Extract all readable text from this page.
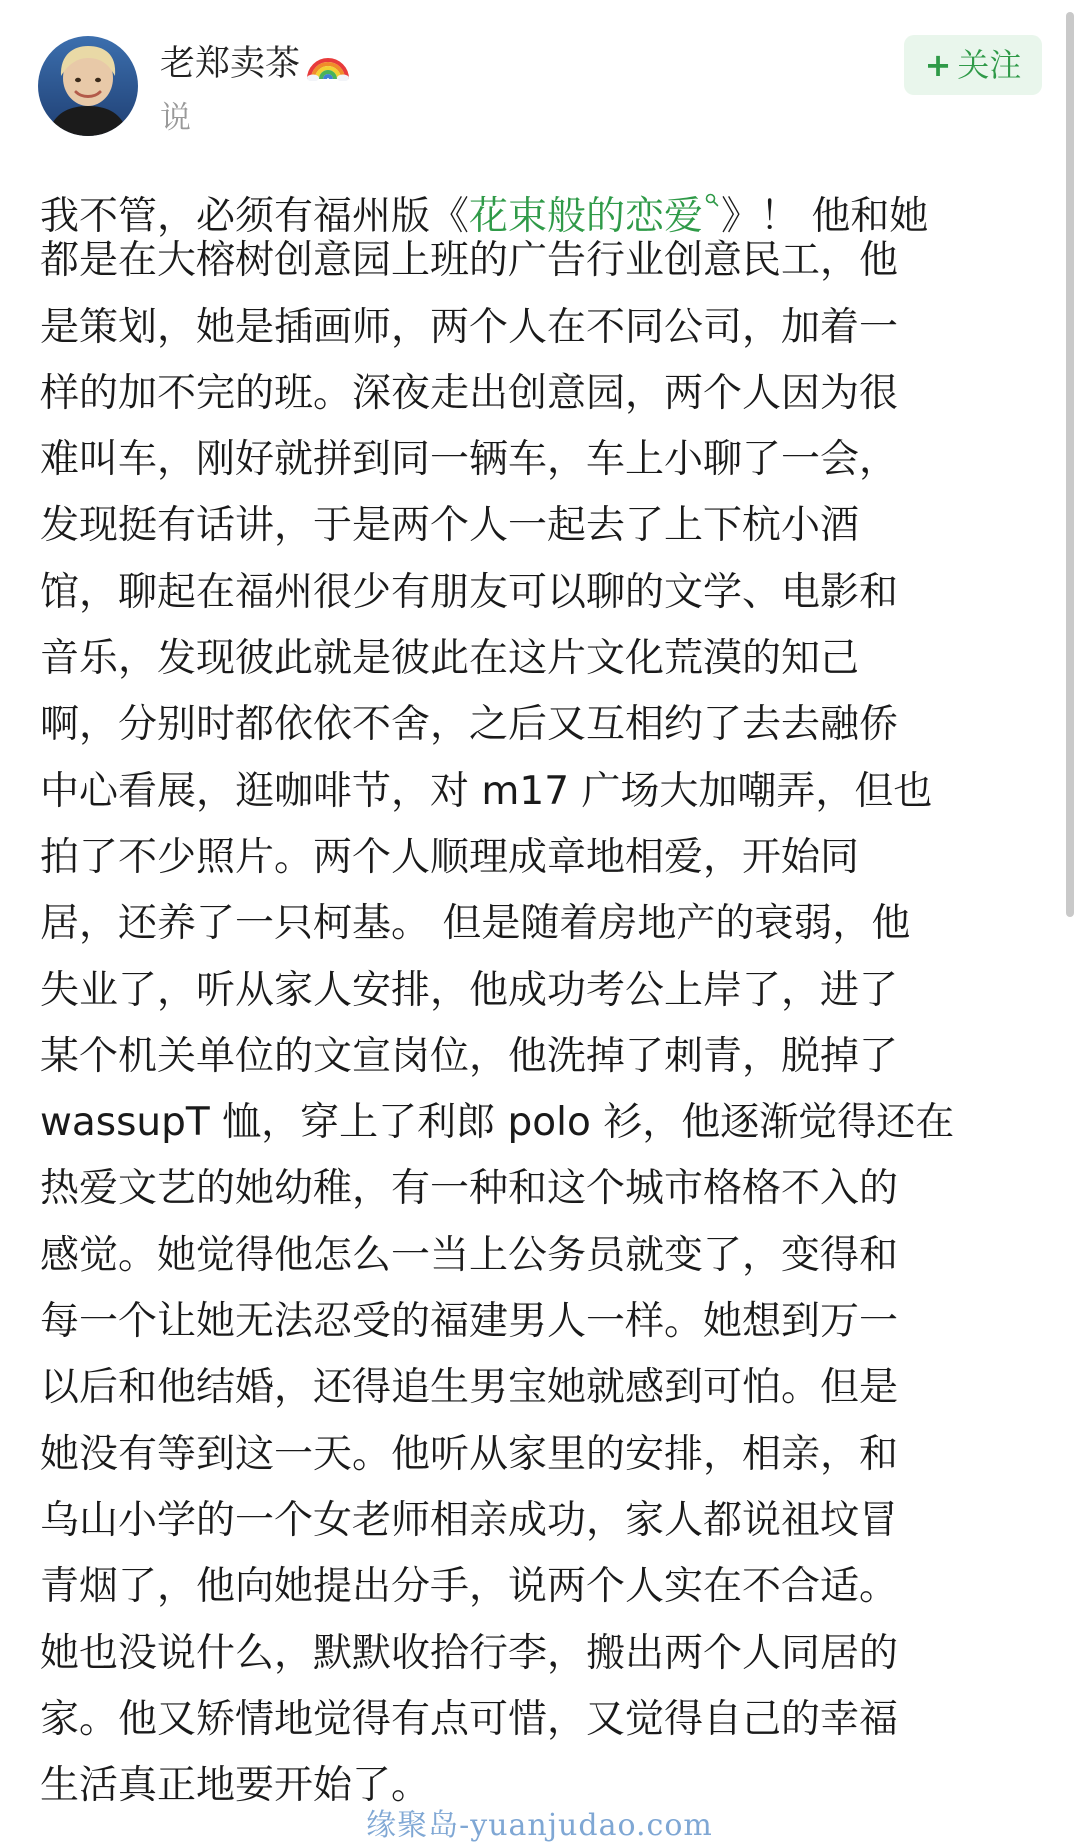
老郑卖茶
说
+ 关注
我不管，必须有福州版《花束般的恋爱 》！ 他和她
都是在大榕树创意园上班的广告行业创意民工，他
是策划，她是插画师，两个人在不同公司，加着一
样的加不完的班。深夜走出创意园，两个人因为很
难叫车，刚好就拼到同一辆车，车上小聊了一会，
发现挺有话讲，于是两个人一起去了上下杭小酒
馆，聊起在福州很少有朋友可以聊的文学、电影和
音乐，发现彼此就是彼此在这片文化荒漠的知己
啊，分别时都依依不舍，之后又互相约了去去融侨
中心看展，逛咖啡节，对 m17 广场大加嘲弄，但也
拍了不少照片。两个人顺理成章地相爱，开始同
居，还养了一只柯基。 但是随着房地产的衰弱，他
失业了，听从家人安排，他成功考公上岸了，进了
某个机关单位的文宣岗位，他洗掉了刺青，脱掉了
wassupT 恤，穿上了利郎 polo 衫，他逐渐觉得还在
热爱文艺的她幼稚，有一种和这个城市格格不入的
感觉。她觉得他怎么一当上公务员就变了，变得和
每一个让她无法忍受的福建男人一样。她想到万一
以后和他结婚，还得追生男宝她就感到可怕。但是
她没有等到这一天。他听从家里的安排，相亲，和
乌山小学的一个女老师相亲成功，家人都说祖坟冒
青烟了，他向她提出分手，说两个人实在不合适。
她也没说什么，默默收拾行李，搬出两个人同居的
家。他又矫情地觉得有点可惜，又觉得自己的幸福
生活真正地要开始了。
缘聚岛-yuanjudao.com
